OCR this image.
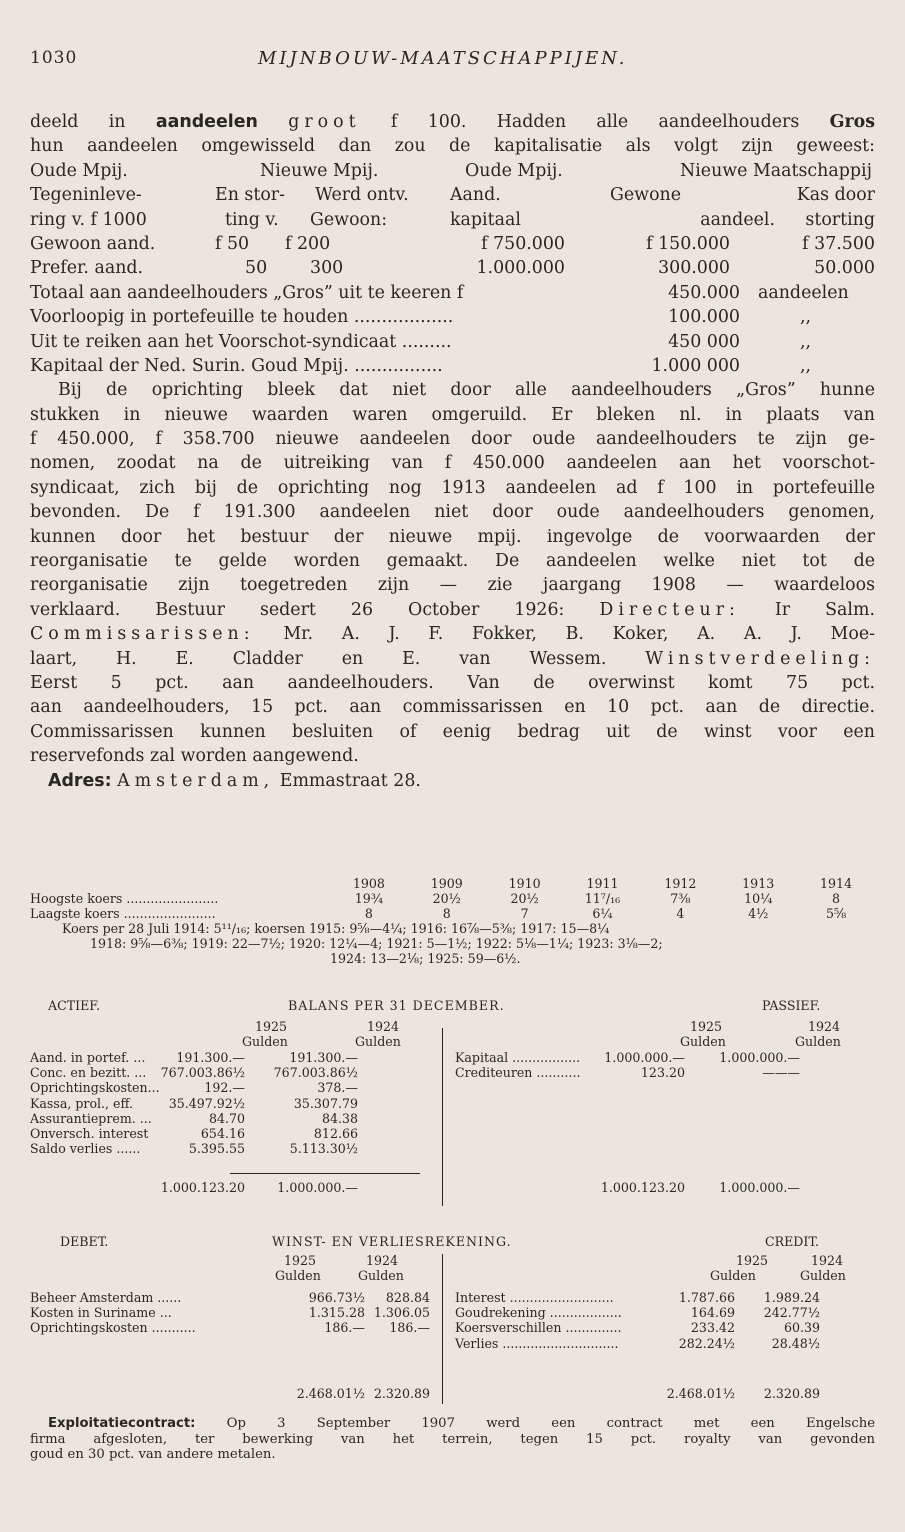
1030	MIJNBOUW-MAATSCHAPPIJEN.
deeld in aandeelen groot f 100. Hadden alle aandeelhouders Gros
hun aandeelen omgewisseld dan zou de kapitalisatie als volgt zijn geweest:
Oude Mpij.	Nieuwe Mpij.	Oude Mpij.	Nieuwe Maatschappij
Tegeninleve-	En stor-	Werd ontv.	Aand.	Gewone	Kas door
ring v. f 1000	ting v.	Gewoon:	kapitaal	aandeel.	storting
Gewoon aand.	f 50	f 200	f 750.000	f 150.000	f 37.500
Prefer. aand.	50	300	1.000.000	300.000	50.000
Totaal aan aandeelhouders „Gros” uit te keeren f	450.000	aandeelen
Voorloopig in portefeuille te houden ..................	100.000	,,
Uit te reiken aan het Voorschot-syndicaat .........	450 000	,,
Kapitaal der Ned. Surin. Goud Mpij. ................	1.000 000	,,
Bij de oprichting bleek dat niet door alle aandeelhouders „Gros” hunne
stukken in nieuwe waarden waren omgeruild. Er bleken nl. in plaats van
f 450.000, f 358.700 nieuwe aandeelen door oude aandeelhouders te zijn ge-
nomen, zoodat na de uitreiking van f 450.000 aandeelen aan het voorschot-
syndicaat, zich bij de oprichting nog 1913 aandeelen ad f 100 in portefeuille
bevonden. De f 191.300 aandeelen niet door oude aandeelhouders genomen,
kunnen door het bestuur der nieuwe mpij. ingevolge de voorwaarden der
reorganisatie te gelde worden gemaakt. De aandeelen welke niet tot de
reorganisatie zijn toegetreden zijn — zie jaargang 1908 — waardeloos
verklaard. Bestuur sedert 26 October 1926: Directeur: Ir Salm.
Commissarissen: Mr. A. J. F. Fokker, B. Koker, A. A. J. Moe-
laart, H. E. Cladder en E. van Wessem. Winstverdeeling:
Eerst 5 pct. aan aandeelhouders. Van de overwinst komt 75 pct.
aan aandeelhouders, 15 pct. aan commissarissen en 10 pct. aan de directie.
Commissarissen kunnen besluiten of eenig bedrag uit de winst voor een
reservefonds zal worden aangewend.
Adres: Amsterdam, Emmastraat 28.
1908	1909	1910	1911	1912	1913	1914
Hoogste koers .......................	19¾	20½	20½	11⁷/₁₆	7⅜	10¼	8
Laagste koers .......................	8	8	7	6¼	4	4½	5⅝
Koers per 28 Juli 1914: 5¹¹/₁₆; koersen 1915: 9⅝—4¼; 1916: 16⅞—5⅜; 1917: 15—8¼
1918: 9⅝—6⅜; 1919: 22—7½; 1920: 12¼—4; 1921: 5—1½; 1922: 5⅛—1¼; 1923: 3⅛—2;
1924: 13—2⅛; 1925: 59—6½.
ACTIEF.	BALANS PER 31 DECEMBER.	PASSIEF.
1925	1924	1925	1924
Gulden	Gulden	Gulden	Gulden
Aand. in portef. ... 191.300.—	191.300.—	Kapitaal ................. 1.000.000.—	1.000.000.—
Conc. en bezitt. ... 767.003.86½ 767.003.86½	Crediteuren ...........	123.20	———
Oprichtingskosten...	192.—	378.—
Kassa, prol., eff.	35.497.92½	35.307.79
Assurantieprem. ...	84.70	84.38
Onversch. interest	654.16	812.66
Saldo verlies ......	5.395.55	5.113.30½
1.000.123.20	1.000.000.—	1.000.123.20	1.000.000.—
DEBET.	WINST- EN VERLIESREKENING.	CREDIT.
1925	1924	1925	1924
Gulden	Gulden	Gulden	Gulden
Beheer Amsterdam ......	966.73½ 828.84 Interest ..........................	1.787.66 1.989.24
Kosten in Suriname ...	1.315.28 1.306.05 Goudrekening ..................	164.69 242.77½
Oprichtingskosten ...........	186.— 186.— Koersverschillen ..............	233.42	60.39
Verlies .............................	282.24½	28.48½
2.468.01½ 2.320.89	2.468.01½ 2.320.89
Exploitatiecontract: Op 3 September 1907 werd een contract met een Engelsche
firma afgesloten, ter bewerking van het terrein, tegen 15 pct. royalty van gevonden
goud en 30 pct. van andere metalen.
